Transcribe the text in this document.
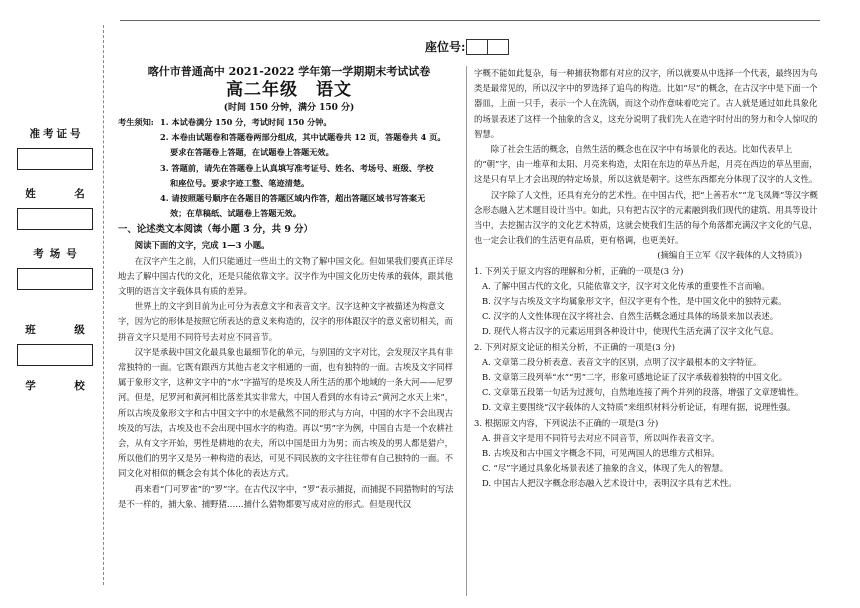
座位号:
准考证号
姓　名
考场号
班　级
学　校

喀什市普通高中 2021-2022 学年第一学期期末考试试卷

高二年级　语文

(时间 150 分钟，满分 150 分)

考生须知: 1. 本试卷满分 150 分，考试时间 150 分钟。
2. 本卷由试题卷和答题卷两部分组成，其中试题卷共 12 页，答题卷共 4 页。
要求在答题卷上答题，在试题卷上答题无效。
3. 答题前，请先在答题卷上认真填写准考证号、姓名、考场号、班级、学校
和座位号。要求字迹工整、笔迹清楚。
4. 请按照题号顺序在各题目的答题区域内作答，超出答题区域书写答案无
效；在草稿纸、试题卷上答题无效。

一、论述类文本阅读（每小题 3 分，共 9 分）

阅读下面的文字，完成 1—3 小题。

在汉字产生之前，人们只能通过一些出土的文物了解中国文化。但如果我们要真正详尽地去了解中国古代的文化，还是只能依靠文字。汉字作为中国文化历史传承的载体，跟其他文明的语言文字载体具有质的差异。

世界上的文字到目前为止可分为表意文字和表音文字。汉字这种文字被描述为构意文字，因为它的形体是按照它所表达的意义来构造的，汉字的形体跟汉字的意义密切相关，而拼音文字只是用不同符号去对应不同音节。

汉字是承载中国文化最具象也最细节化的单元，与别国的文字对比，会发现汉字具有非常独特的一面。它既有跟西方其他古老文字相通的一面，也有独特的一面。古埃及文字同样属于象形文字，这种文字中的“水”字描写的是埃及人所生活的那个地域的一条大河——尼罗河。但是，尼罗河和黄河相比落差其实非常大，中国人看到的水有诗云“黄河之水天上来”，所以古埃及象形文字和古中国文字中的水是截然不同的形式与方向，中国的水字不会出现古埃及的写法，古埃及也不会出现中国水字的构造。再以“男”字为例，中国自古是一个农耕社会，从有文字开始，男性是耕地的农夫，所以中国是田力为男；而古埃及的男人都是猎户，所以他们的男字又是另一种构造的表达，可见不同民族的文字往往带有自己独特的一面。不同文化对相似的概念会有其个体化的表达方式。

再来看“门可罗雀”的“罗”字。在古代汉字中，“罗”表示捕捉，而捕捉不同猎物时的写法是不一样的，捕大象、捕野猪……捕什么猎物都要写成对应的形式。但是现代汉

字概不能如此复杂，每一种捕获物都有对应的汉字，所以就要从中选择一个代表，最终因为鸟类是最常见的，所以汉字中的罗选择了追鸟的构造。比如“尽”的概念，在古汉字中是下面一个器皿，上面一只手，表示一个人在洗锅，而这个动作意味着吃完了。古人就是通过如此具象化的场景表述了这样一个抽象的含义，这充分说明了我们先人在造字时付出的努力和令人惊叹的智慧。

除了社会生活的概念，自然生活的概念也在汉字中有场景化的表达。比如代表早上的“朝”字，由一堆草和太阳、月亮来构造，太阳在东边的草丛升起，月亮在西边的草丛里面，这是只有早上才会出现的特定场景，所以这就是朝字。这些东西都充分体现了汉字的人文性。

汉字除了人文性，还具有充分的艺术性。在中国古代，把“上善若水”“龙飞凤舞”等汉字概念形态融入艺术题目设计当中。如此，只有把古汉字的元素融到我们现代的建筑、用具等设计当中，去挖掘古汉字的文化艺术特质，这就会使我们生活的每个角落都充满汉字文化的气息，也一定会让我们的生活更有品质，更有格调，也更美好。

(摘编自王立军《汉字载体的人文特质》)

1. 下列关于原文内容的理解和分析，正确的一项是(3 分)

A. 了解中国古代的文化，只能依靠文字，汉字对文化传承的重要性不言而喻。

B. 汉字与古埃及文字均属象形文字，但汉字更有个性，是中国文化中的独特元素。

C. 汉字的人文性体现在汉字将社会、自然生活概念通过具体的场景来加以表述。

D. 现代人将古汉字的元素运用到各种设计中，使现代生活充满了汉字文化气息。

2. 下列对原文论证的相关分析，不正确的一项是(3 分)

A. 文章第二段分析表意、表音文字的区别，点明了汉字最根本的文字特征。

B. 文章第三段列举“水”“男”二字，形象可感地论证了汉字承载着独特的中国文化。

C. 文章第五段第一句话为过渡句，自然地连接了两个并列的段落，增强了文章逻辑性。

D. 文章主要围绕“汉字载体的人文特质”来组织材料分析论证，有理有据，说理性强。

3. 根据原文内容，下列说法不正确的一项是(3 分)

A. 拼音文字是用不同符号去对应不同音节，所以叫作表音文字。

B. 古埃及和古中国文字概念不同，可见两国人的思维方式相异。

C. “尽”字通过具象化场景表述了抽象的含义，体现了先人的智慧。

D. 中国古人把汉字概念形态融入艺术设计中，表明汉字具有艺术性。
